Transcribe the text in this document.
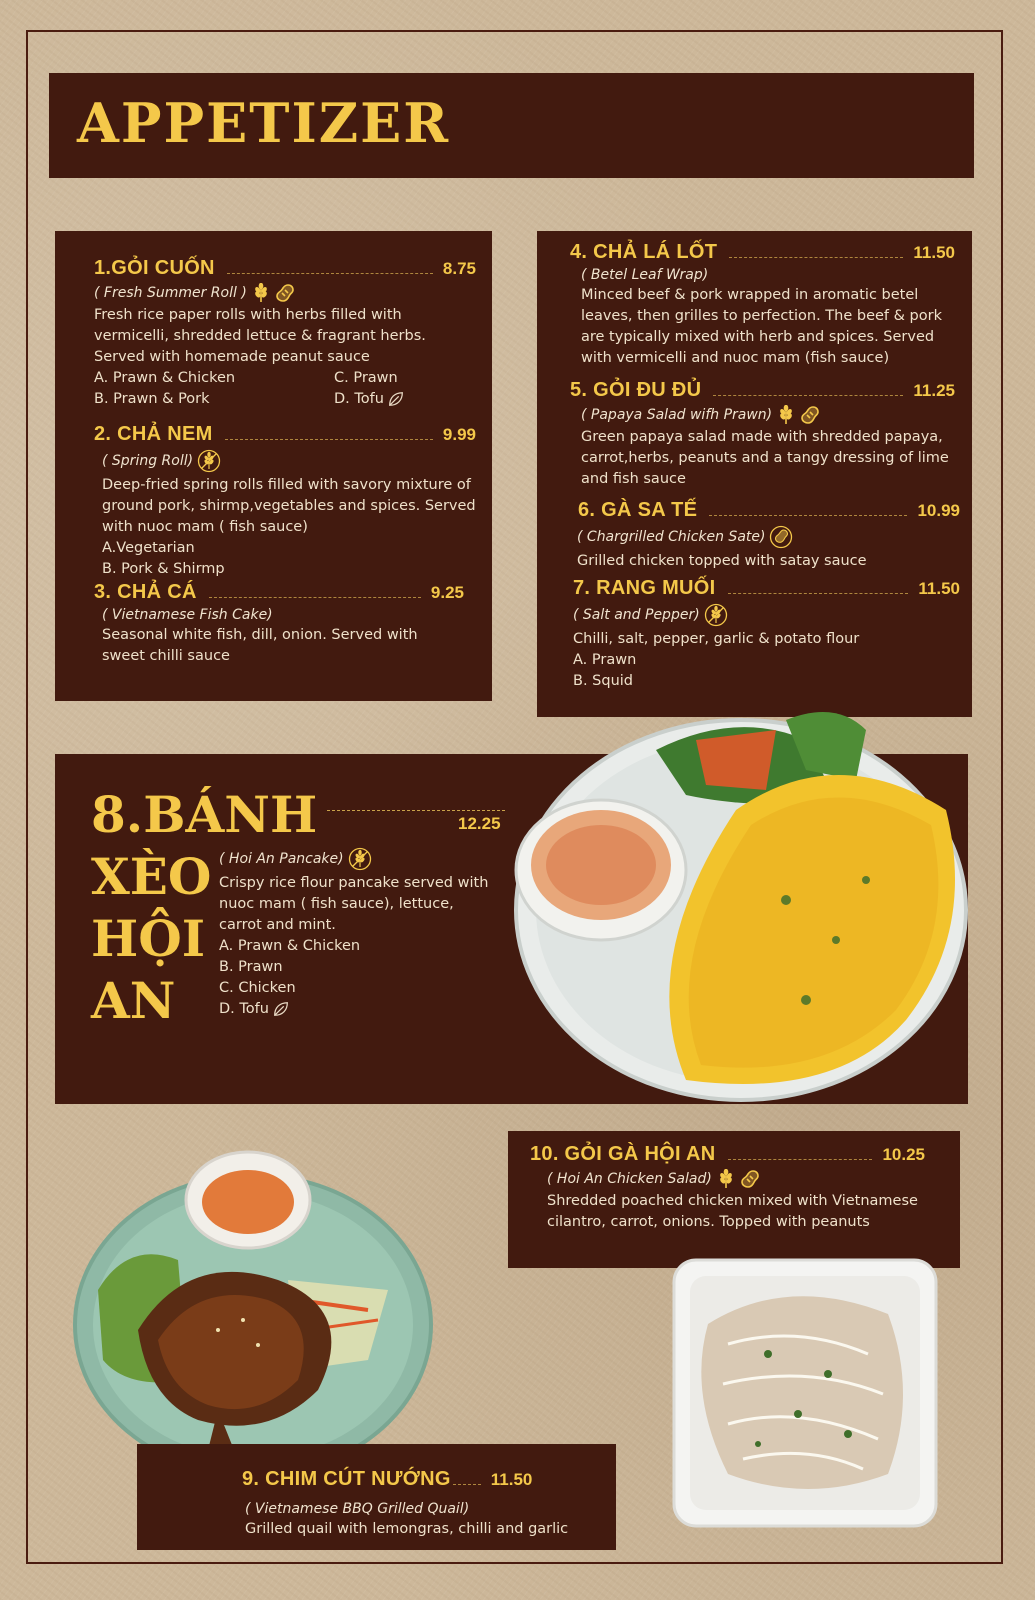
APPETIZER
1.GỎI CUỐN	8.75
( Fresh Summer Roll )
Fresh rice paper rolls with herbs filled with vermicelli, shredded lettuce & fragrant herbs. Served with homemade peanut sauce
A. Prawn & Chicken	C. Prawn
B. Prawn & Pork	D. Tofu
2. CHẢ NEM	9.99
( Spring Roll)
Deep-fried spring rolls filled with savory mixture of ground pork, shirmp,vegetables and spices. Served with nuoc mam ( fish sauce)
A.Vegetarian
B. Pork & Shirmp
3. CHẢ CÁ	9.25
( Vietnamese Fish Cake)
Seasonal white fish, dill, onion. Served with sweet chilli sauce
4. CHẢ LÁ LỐT	11.50
( Betel Leaf Wrap)
Minced beef & pork wrapped in aromatic betel leaves, then grilles to perfection. The beef & pork are typically mixed with herb and spices. Served with vermicelli and nuoc mam (fish sauce)
5. GỎI ĐU ĐỦ	11.25
( Papaya Salad wifh Prawn)
Green papaya salad made with shredded papaya, carrot,herbs, peanuts and a tangy dressing of lime and fish sauce
6. GÀ SA TẾ	10.99
( Chargrilled Chicken Sate)
Grilled chicken topped with satay sauce
7. RANG MUỐI	11.50
( Salt and Pepper)
Chilli, salt, pepper, garlic & potato flour
A. Prawn
B. Squid
8.BÁNH
XÈO
HỘI
AN
12.25
( Hoi An Pancake)
Crispy rice flour pancake served with nuoc mam ( fish sauce), lettuce, carrot and mint.
A. Prawn & Chicken
B. Prawn
C. Chicken
D. Tofu
10. GỎI GÀ HỘI AN	10.25
( Hoi An Chicken Salad)
Shredded poached chicken mixed with Vietnamese cilantro, carrot, onions. Topped with peanuts
9. CHIM CÚT NƯỚNG 11.50
( Vietnamese BBQ Grilled Quail)
Grilled quail with lemongras, chilli and garlic
